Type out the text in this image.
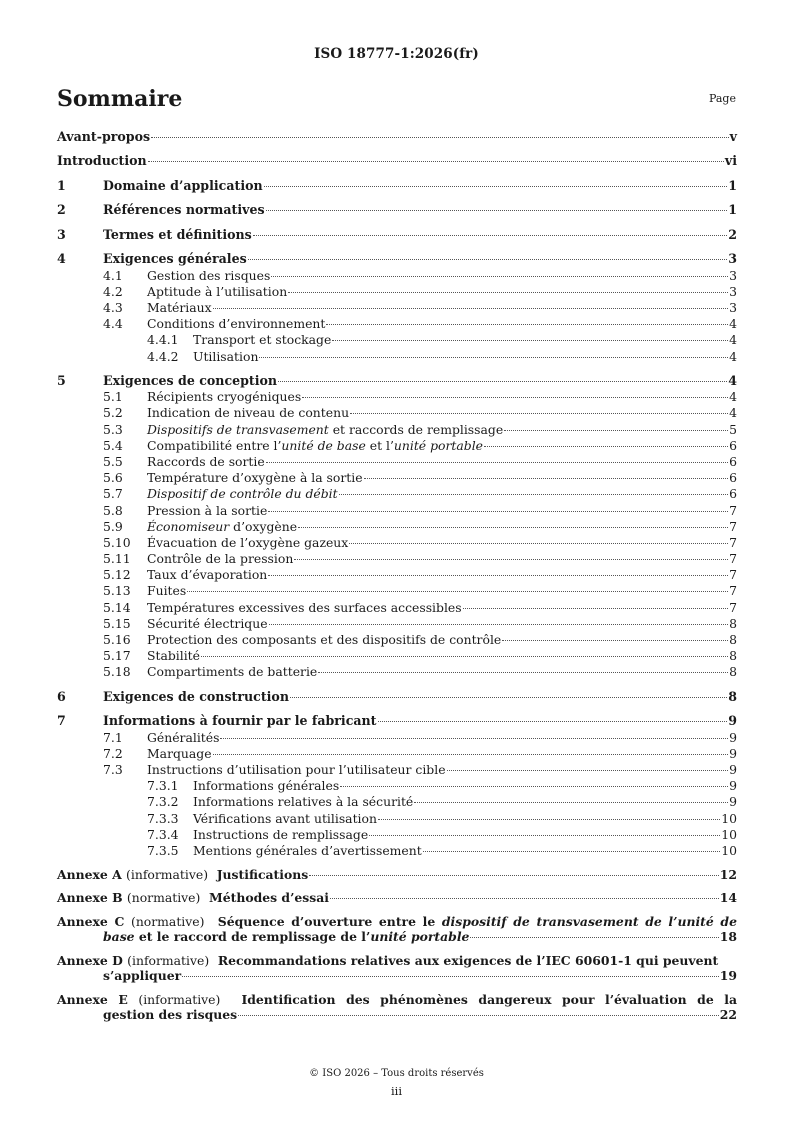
ISO 18777-1:2026(fr)
Sommaire	Page
Avant-propos	v
Introduction	vi
1	Domaine d’application	1
2	Références normatives	1
3	Termes et définitions	2
4	Exigences générales	3
4.1	Gestion des risques	3
4.2	Aptitude à l’utilisation	3
4.3	Matériaux	3
4.4	Conditions d’environnement	4
4.4.1	Transport et stockage	4
4.4.2	Utilisation	4
5	Exigences de conception	4
5.1	Récipients cryogéniques	4
5.2	Indication de niveau de contenu	4
5.3	Dispositifs de transvasement et raccords de remplissage	5
5.4	Compatibilité entre l’unité de base et l’unité portable	6
5.5	Raccords de sortie	6
5.6	Température d’oxygène à la sortie	6
5.7	Dispositif de contrôle du débit	6
5.8	Pression à la sortie	7
5.9	Économiseur d’oxygène	7
5.10	Évacuation de l’oxygène gazeux	7
5.11	Contrôle de la pression	7
5.12	Taux d’évaporation	7
5.13	Fuites	7
5.14	Températures excessives des surfaces accessibles	7
5.15	Sécurité électrique	8
5.16	Protection des composants et des dispositifs de contrôle	8
5.17	Stabilité	8
5.18	Compartiments de batterie	8
6	Exigences de construction	8
7	Informations à fournir par le fabricant	9
7.1	Généralités	9
7.2	Marquage	9
7.3	Instructions d’utilisation pour l’utilisateur cible	9
7.3.1	Informations générales	9
7.3.2	Informations relatives à la sécurité	9
7.3.3	Vérifications avant utilisation	10
7.3.4	Instructions de remplissage	10
7.3.5	Mentions générales d’avertissement	10
Annexe A (informative) Justifications	12
Annexe B (normative) Méthodes d’essai	14
Annexe C (normative) Séquence d’ouverture entre le dispositif de transvasement de l’unité de
base et le raccord de remplissage de l’unité portable	18
Annexe D (informative) Recommandations relatives aux exigences de l’IEC 60601-1 qui peuvent
s’appliquer	19
Annexe E (informative) Identification des phénomènes dangereux pour l’évaluation de la
gestion des risques	22
© ISO 2026 – Tous droits réservés
iii
